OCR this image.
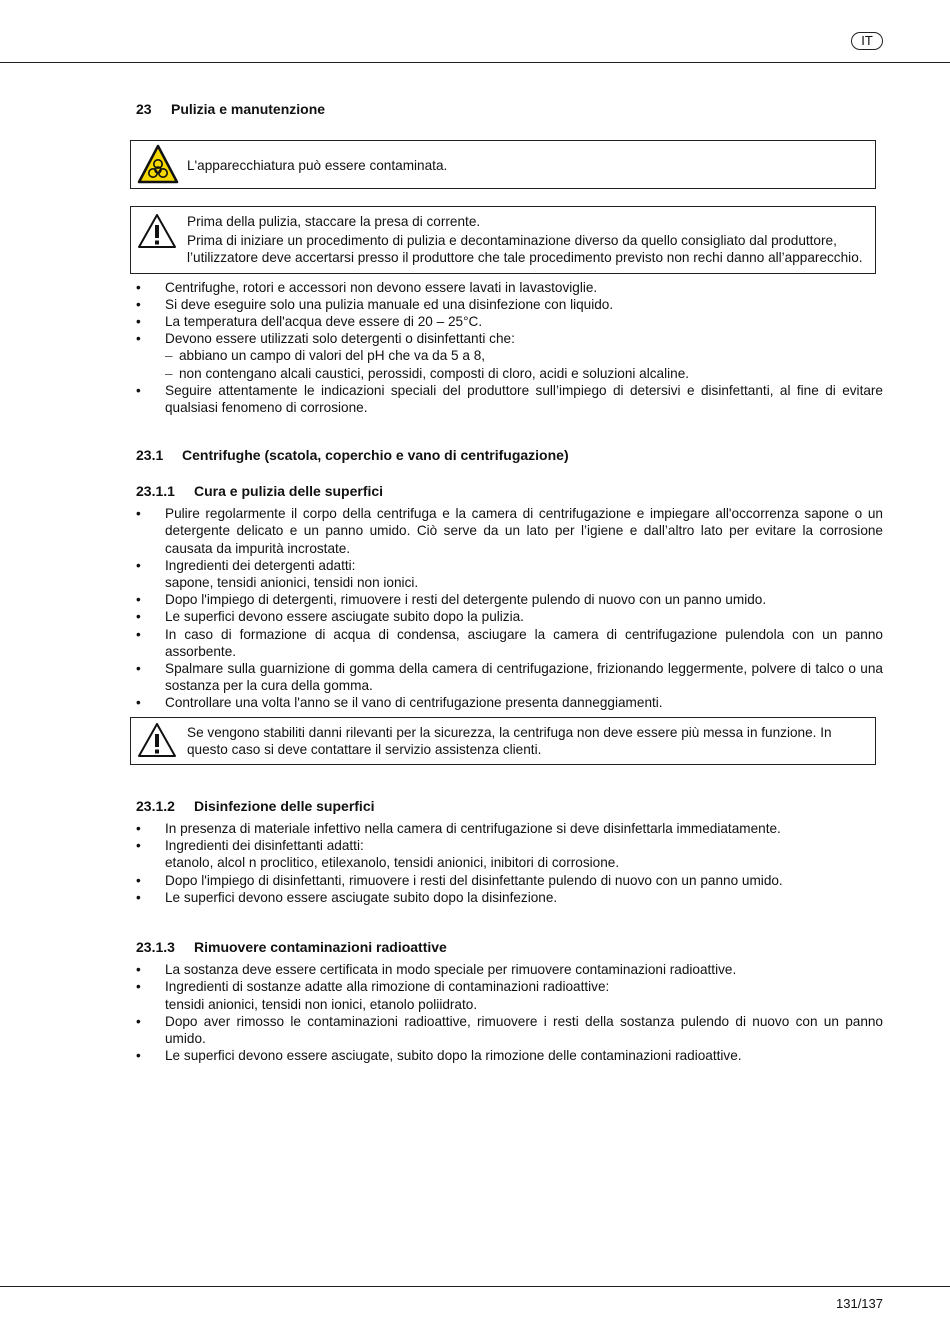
IT
23 Pulizia e manutenzione

L'apparecchiatura può essere contaminata.

Prima della pulizia, staccare la presa di corrente.

Prima di iniziare un procedimento di pulizia e decontaminazione diverso da quello consigliato dal produttore, l’utilizzatore deve accertarsi presso il produttore che tale procedimento previsto non rechi danno all’apparecchio.

• Centrifughe, rotori e accessori non devono essere lavati in lavastoviglie.
• Si deve eseguire solo una pulizia manuale ed una disinfezione con liquido.
• La temperatura dell'acqua deve essere di 20 – 25°C.
• Devono essere utilizzati solo detergenti o disinfettanti che:
– abbiano un campo di valori del pH che va da 5 a 8,
– non contengano alcali caustici, perossidi, composti di cloro, acidi e soluzioni alcaline.
• Seguire attentamente le indicazioni speciali del produttore sull’impiego di detersivi e disinfettanti, al fine di evitare qualsiasi fenomeno di corrosione.
23.1 Centrifughe (scatola, coperchio e vano di centrifugazione)
23.1.1 Cura e pulizia delle superfici
• Pulire regolarmente il corpo della centrifuga e la camera di centrifugazione e impiegare all'occorrenza sapone o un detergente delicato e un panno umido. Ciò serve da un lato per l’igiene e dall’altro lato per evitare la corrosione causata da impurità incrostate.
• Ingredienti dei detergenti adatti:
sapone, tensidi anionici, tensidi non ionici.
• Dopo l'impiego di detergenti, rimuovere i resti del detergente pulendo di nuovo con un panno umido.
• Le superfici devono essere asciugate subito dopo la pulizia.
• In caso di formazione di acqua di condensa, asciugare la camera di centrifugazione pulendola con un panno assorbente.
• Spalmare sulla guarnizione di gomma della camera di centrifugazione, frizionando leggermente, polvere di talco o una sostanza per la cura della gomma.
• Controllare una volta l'anno se il vano di centrifugazione presenta danneggiamenti.

Se vengono stabiliti danni rilevanti per la sicurezza, la centrifuga non deve essere più messa in funzione. In questo caso si deve contattare il servizio assistenza clienti.

23.1.2 Disinfezione delle superfici
• In presenza di materiale infettivo nella camera di centrifugazione si deve disinfettarla immediatamente.
• Ingredienti dei disinfettanti adatti:
etanolo, alcol n proclitico, etilexanolo, tensidi anionici, inibitori di corrosione.
• Dopo l'impiego di disinfettanti, rimuovere i resti del disinfettante pulendo di nuovo con un panno umido.
• Le superfici devono essere asciugate subito dopo la disinfezione.
23.1.3 Rimuovere contaminazioni radioattive
• La sostanza deve essere certificata in modo speciale per rimuovere contaminazioni radioattive.
• Ingredienti di sostanze adatte alla rimozione di contaminazioni radioattive:
tensidi anionici, tensidi non ionici, etanolo poliidrato.
• Dopo aver rimosso le contaminazioni radioattive, rimuovere i resti della sostanza pulendo di nuovo con un panno umido.
• Le superfici devono essere asciugate, subito dopo la rimozione delle contaminazioni radioattive.
131/137
